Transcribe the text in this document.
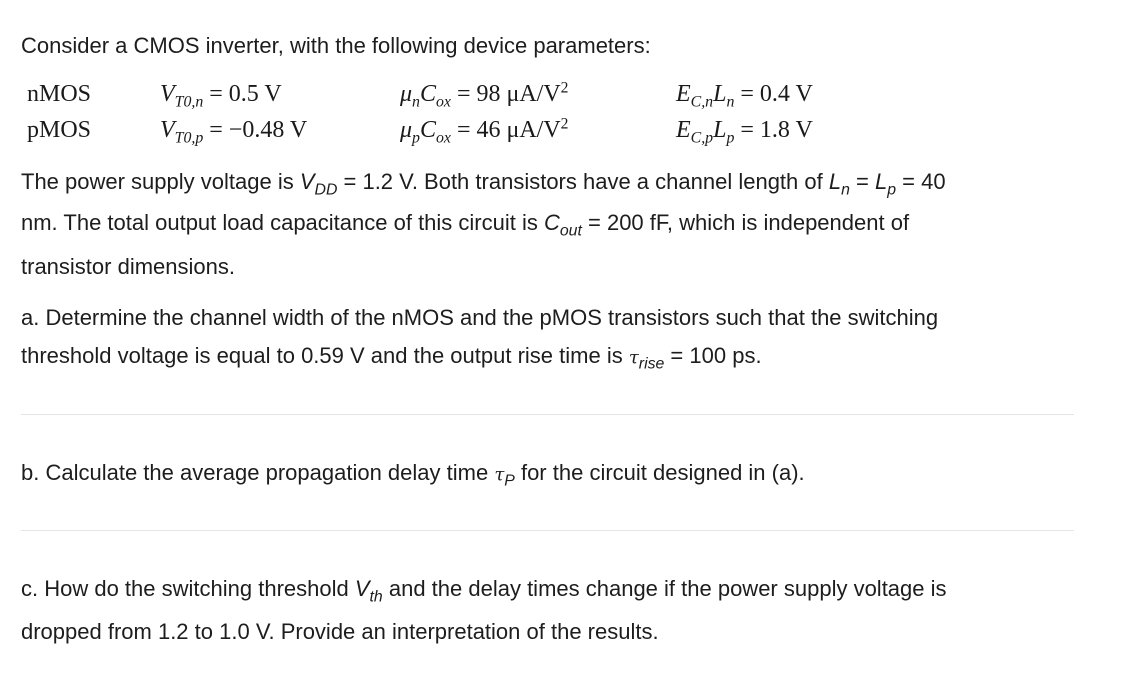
Consider a CMOS inverter, with the following device parameters:
nMOS	$V_{T0,n} = 0.5$ V	$\mu_nC_{ox} = 98$ $\mu A/V^2$	$E_{C,n}L_n = 0.4$ V
pMOS	$V_{T0,p} = -0.48$ V	$\mu_pC_{ox} = 46$ $\mu A/V^2$	$E_{C,p}L_p = 1.8$ V
The power supply voltage is $V_{DD} = 1.2$ V. Both transistors have a channel length of $L_n = L_p = 40$
nm. The total output load capacitance of this circuit is $C_{out} = 200$ fF, which is independent of
transistor dimensions.
a. Determine the channel width of the nMOS and the pMOS transistors such that the switching
threshold voltage is equal to 0.59 V and the output rise time is $\tau_{rise} = 100$ ps.
b. Calculate the average propagation delay time $\tau_P$ for the circuit designed in (a).
c. How do the switching threshold $V_{th}$ and the delay times change if the power supply voltage is
dropped from 1.2 to 1.0 V. Provide an interpretation of the results.
